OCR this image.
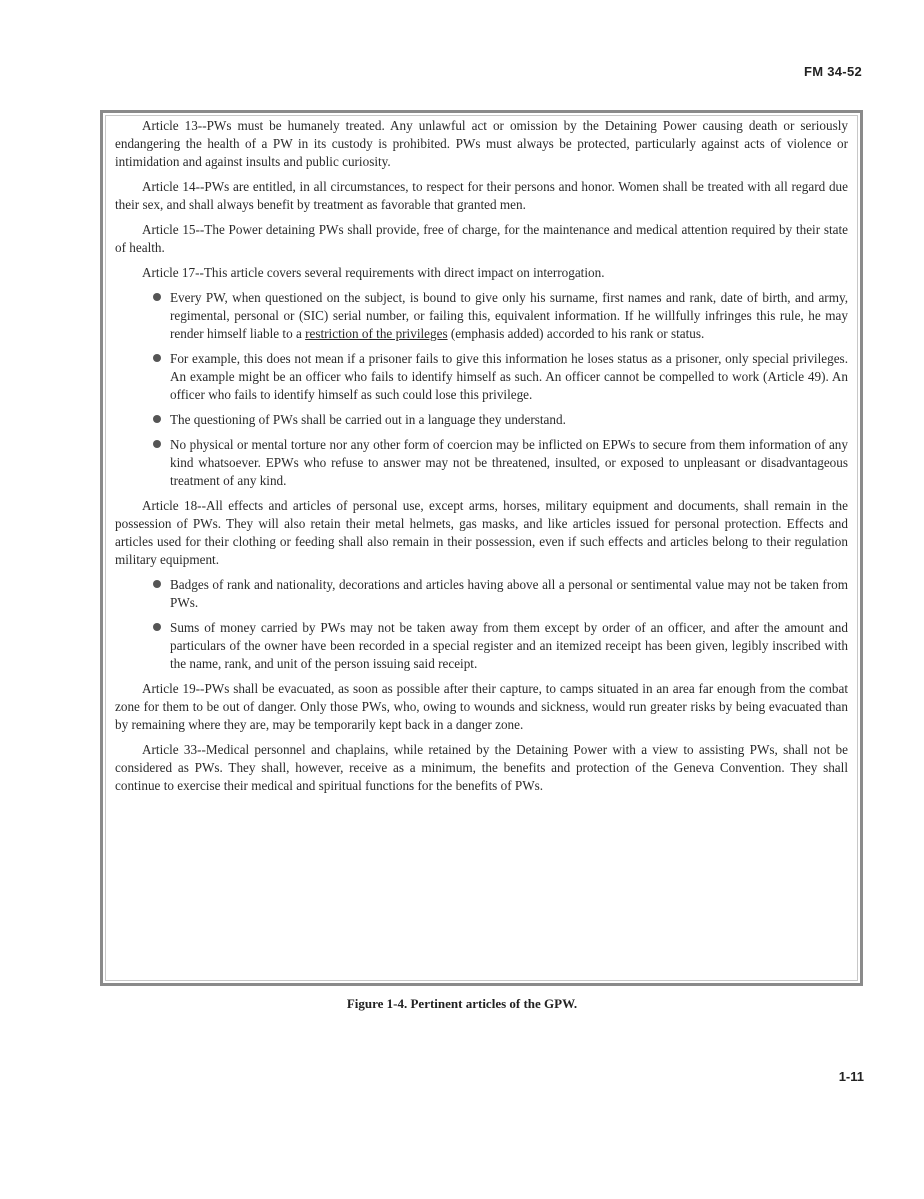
FM 34-52

Article 13--PWs must be humanely treated. Any unlawful act or omission by the Detaining Power causing death or seriously endangering the health of a PW in its custody is prohibited. PWs must always be protected, particularly against acts of violence or intimidation and against insults and public curiosity.

Article 14--PWs are entitled, in all circumstances, to respect for their persons and honor. Women shall be treated with all regard due their sex, and shall always benefit by treatment as favorable that granted men.

Article 15--The Power detaining PWs shall provide, free of charge, for the maintenance and medical attention required by their state of health.

Article 17--This article covers several requirements with direct impact on interrogation.

Every PW, when questioned on the subject, is bound to give only his surname, first names and rank, date of birth, and army, regimental, personal or (SIC) serial number, or failing this, equivalent information. If he willfully infringes this rule, he may render himself liable to a restriction of the privileges (emphasis added) accorded to his rank or status.
For example, this does not mean if a prisoner fails to give this information he loses status as a prisoner, only special privileges. An example might be an officer who fails to identify himself as such. An officer cannot be compelled to work (Article 49). An officer who fails to identify himself as such could lose this privilege.
The questioning of PWs shall be carried out in a language they understand.
No physical or mental torture nor any other form of coercion may be inflicted on EPWs to secure from them information of any kind whatsoever. EPWs who refuse to answer may not be threatened, insulted, or exposed to unpleasant or disadvantageous treatment of any kind.

Article 18--All effects and articles of personal use, except arms, horses, military equipment and documents, shall remain in the possession of PWs. They will also retain their metal helmets, gas masks, and like articles issued for personal protection. Effects and articles used for their clothing or feeding shall also remain in their possession, even if such effects and articles belong to their regulation military equipment.

Badges of rank and nationality, decorations and articles having above all a personal or sentimental value may not be taken from PWs.
Sums of money carried by PWs may not be taken away from them except by order of an officer, and after the amount and particulars of the owner have been recorded in a special register and an itemized receipt has been given, legibly inscribed with the name, rank, and unit of the person issuing said receipt.

Article 19--PWs shall be evacuated, as soon as possible after their capture, to camps situated in an area far enough from the combat zone for them to be out of danger. Only those PWs, who, owing to wounds and sickness, would run greater risks by being evacuated than by remaining where they are, may be temporarily kept back in a danger zone.

Article 33--Medical personnel and chaplains, while retained by the Detaining Power with a view to assisting PWs, shall not be considered as PWs. They shall, however, receive as a minimum, the benefits and protection of the Geneva Convention. They shall continue to exercise their medical and spiritual functions for the benefits of PWs.

Figure 1-4. Pertinent articles of the GPW.
1-11
